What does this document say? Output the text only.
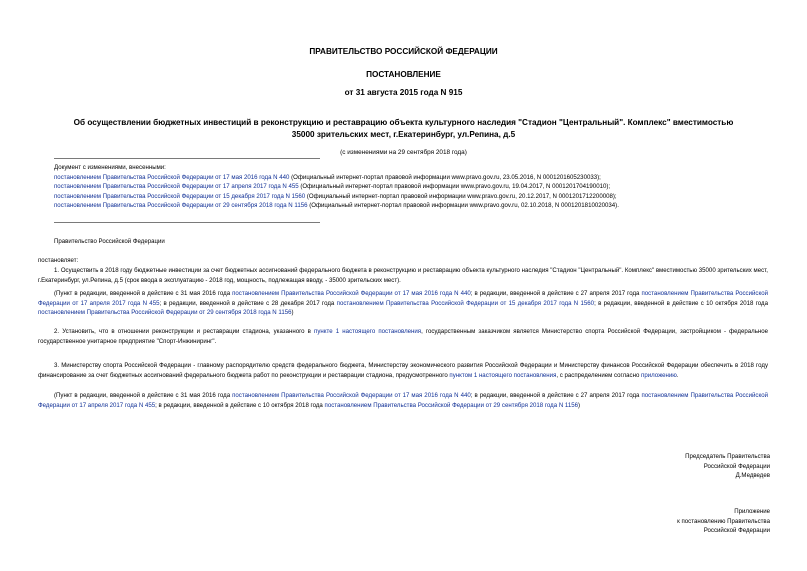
ПРАВИТЕЛЬСТВО РОССИЙСКОЙ ФЕДЕРАЦИИ
ПОСТАНОВЛЕНИЕ
от 31 августа 2015 года N 915
Об осуществлении бюджетных инвестиций в реконструкцию и реставрацию объекта культурного наследия "Стадион "Центральный". Комплекс" вместимостью
35000 зрительских мест, г.Екатеринбург, ул.Репина, д.5
(с изменениями на 29 сентября 2018 года)
Документ с изменениями, внесенными:
постановлением Правительства Российской Федерации от 17 мая 2016 года N 440 (Официальный интернет-портал правовой информации www.pravo.gov.ru, 23.05.2016, N 0001201605230033);
постановлением Правительства Российской Федерации от 17 апреля 2017 года N 455 (Официальный интернет-портал правовой информации www.pravo.gov.ru, 19.04.2017, N 0001201704190010);
постановлением Правительства Российской Федерации от 15 декабря 2017 года N 1560 (Официальный интернет-портал правовой информации www.pravo.gov.ru, 20.12.2017, N 0001201712200008);
постановлением Правительства Российской Федерации от 29 сентября 2018 года N 1156 (Официальный интернет-портал правовой информации www.pravo.gov.ru, 02.10.2018, N 0001201810020034).
Правительство Российской Федерации
постановляет:
1. Осуществить в 2018 году бюджетные инвестиции за счет бюджетных ассигнований федерального бюджета в реконструкцию и реставрацию объекта культурного наследия "Стадион "Центральный". Комплекс" вместимостью 35000 зрительских мест, г.Екатеринбург, ул.Репина, д.5 (срок ввода в эксплуатацию - 2018 год, мощность, подлежащая вводу, - 35000 зрительских мест).
(Пункт в редакции, введенной в действие с 31 мая 2016 года постановлением Правительства Российской Федерации от 17 мая 2016 года N 440; в редакции, введенной в действие с 27 апреля 2017 года постановлением Правительства Российской Федерации от 17 апреля 2017 года N 455; в редакции, введенной в действие с 28 декабря 2017 года постановлением Правительства Российской Федерации от 15 декабря 2017 года N 1560; в редакции, введенной в действие с 10 октября 2018 года постановлением Правительства Российской Федерации от 29 сентября 2018 года N 1156)
2. Установить, что в отношении реконструкции и реставрации стадиона, указанного в пункте 1 настоящего постановления, государственным заказчиком является Министерство спорта Российской Федерации, застройщиком - федеральное государственное унитарное предприятие "Спорт-Инжиниринг".
3. Министерству спорта Российской Федерации - главному распорядителю средств федерального бюджета, Министерству экономического развития Российской Федерации и Министерству финансов Российской Федерации обеспечить в 2018 году финансирование за счет бюджетных ассигнований федерального бюджета работ по реконструкции и реставрации стадиона, предусмотренного пунктом 1 настоящего постановления, с распределением согласно приложению.
(Пункт в редакции, введенной в действие с 31 мая 2016 года постановлением Правительства Российской Федерации от 17 мая 2016 года N 440; в редакции, введенной в действие с 27 апреля 2017 года постановлением Правительства Российской Федерации от 17 апреля 2017 года N 455; в редакции, введенной в действие с 10 октября 2018 года постановлением Правительства Российской Федерации от 29 сентября 2018 года N 1156)
Председатель Правительства
Российской Федерации
Д.Медведев
Приложение
к постановлению Правительства
Российской Федерации
